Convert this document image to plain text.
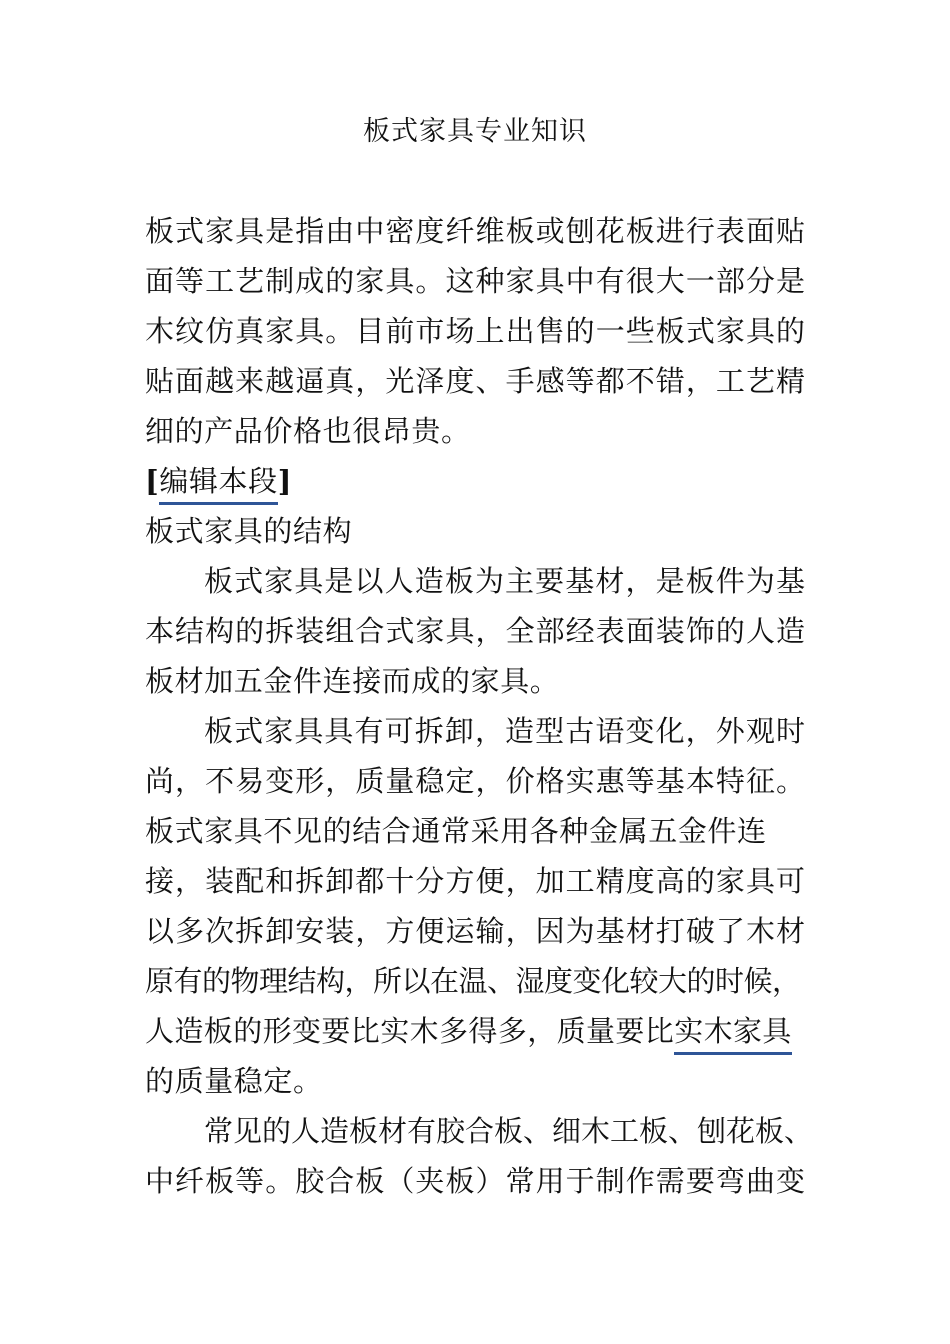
板式家具专业知识
板式家具是指由中密度纤维板或刨花板进行表面贴
面等工艺制成的家具。这种家具中有很大一部分是
木纹仿真家具。目前市场上出售的一些板式家具的
贴面越来越逼真，光泽度、手感等都不错，工艺精
细的产品价格也很昂贵。
[编辑本段]
板式家具的结构
板式家具是以人造板为主要基材，是板件为基
本结构的拆装组合式家具，全部经表面装饰的人造
板材加五金件连接而成的家具。
板式家具具有可拆卸，造型古语变化，外观时
尚，不易变形，质量稳定，价格实惠等基本特征。
板式家具不见的结合通常采用各种金属五金件连
接，装配和拆卸都十分方便，加工精度高的家具可
以多次拆卸安装，方便运输，因为基材打破了木材
原有的物理结构，所以在温、湿度变化较大的时候，
人造板的形变要比实木多得多，质量要比实木家具
的质量稳定。
常见的人造板材有胶合板、细木工板、刨花板、
中纤板等。胶合板（夹板）常用于制作需要弯曲变
